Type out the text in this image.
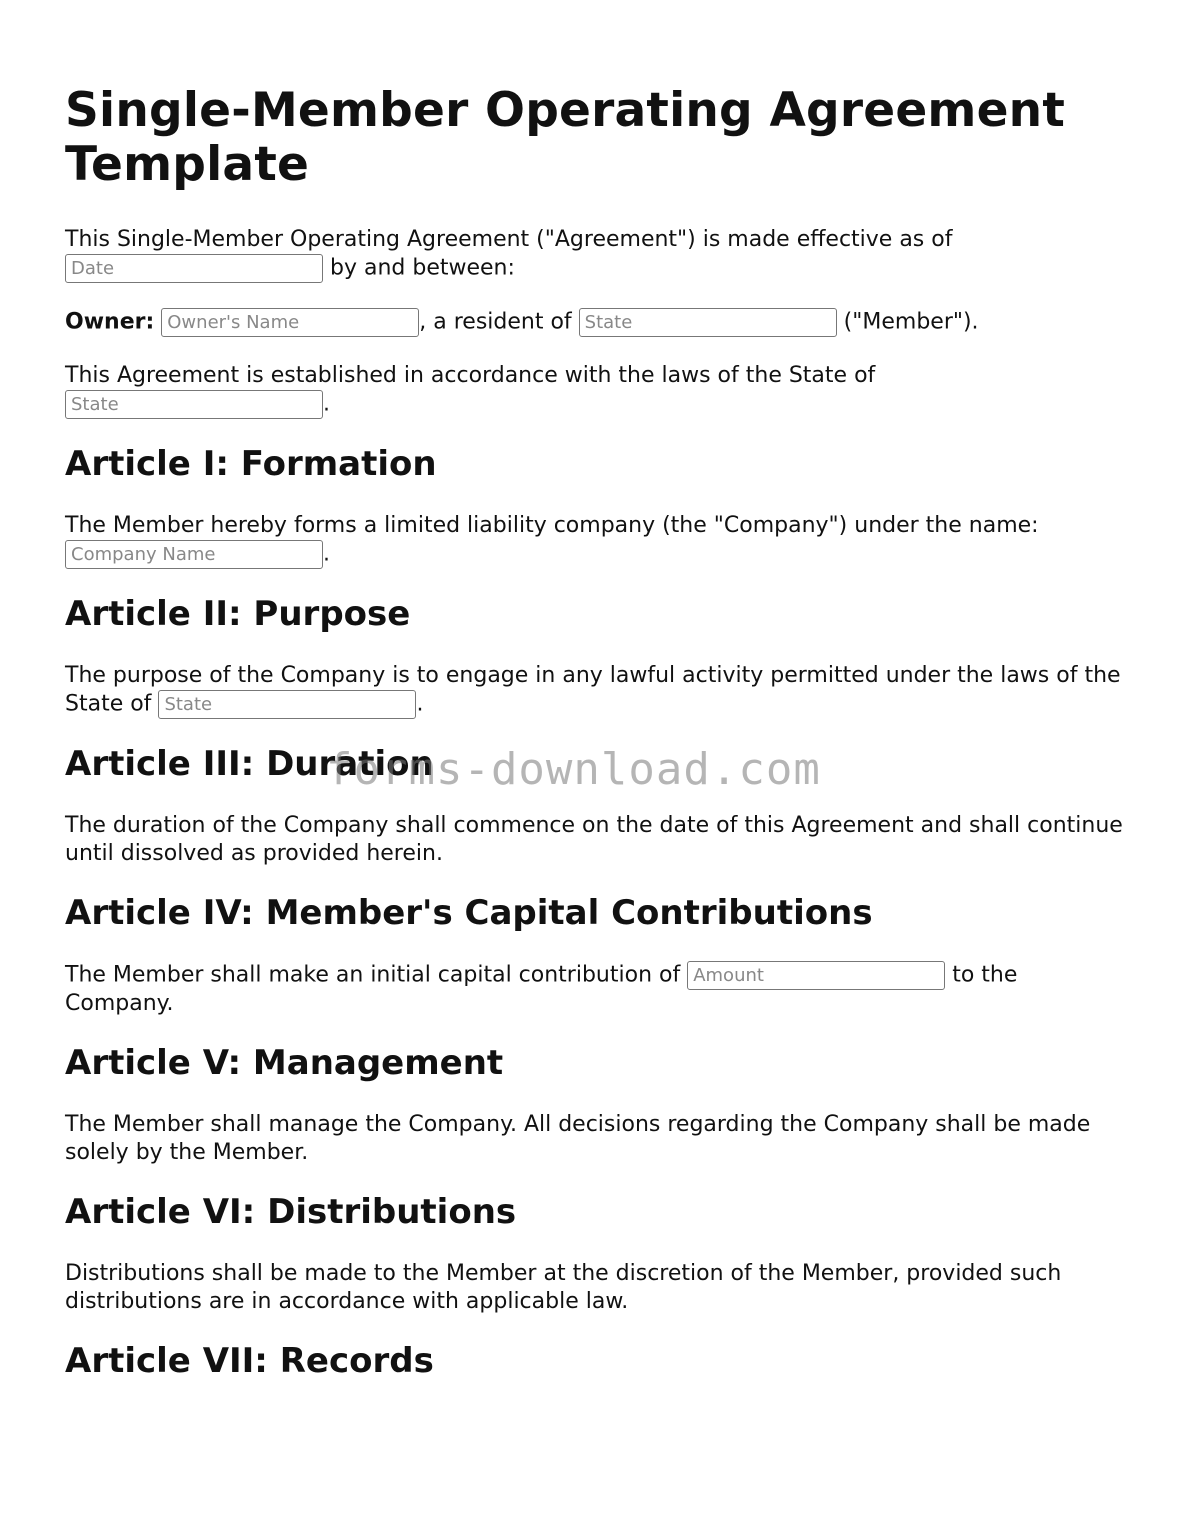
Single-Member Operating Agreement Template

This Single-Member Operating Agreement ("Agreement") is made effective as of
Date by and between:

Owner: Owner's Name	, a resident of State	("Member").

This Agreement is established in accordance with the laws of the State of
State.

Article I: Formation

The Member hereby forms a limited liability company (the "Company") under the name:
Company Name.

Article II: Purpose

The purpose of the Company is to engage in any lawful activity permitted under the laws of the State of State	.

Article III: Duration

The duration of the Company shall commence on the date of this Agreement and shall continue until dissolved as provided herein.

Article IV: Member's Capital Contributions

The Member shall make an initial capital contribution of Amount	to the Company.

Article V: Management

The Member shall manage the Company. All decisions regarding the Company shall be made solely by the Member.

Article VI: Distributions

Distributions shall be made to the Member at the discretion of the Member, provided such distributions are in accordance with applicable law.

Article VII: Records
forms-download.com
